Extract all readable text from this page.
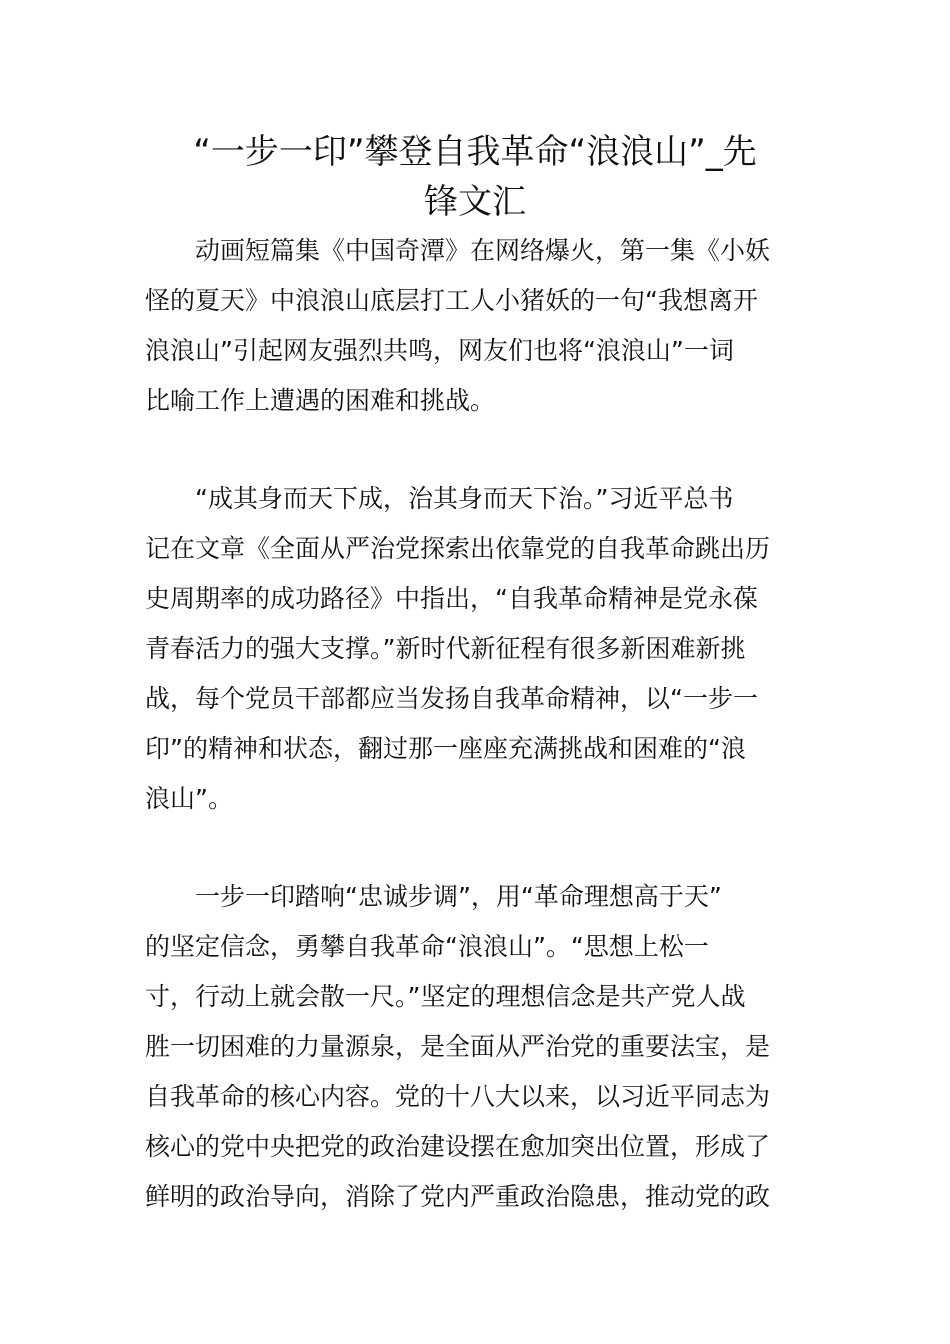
“一步一印”攀登自我革命“浪浪山”_先
锋文汇
动画短篇集《中国奇潭》在网络爆火，第一集《小妖
怪的夏天》中浪浪山底层打工人小猪妖的一句“我想离开
浪浪山”引起网友强烈共鸣，网友们也将“浪浪山”一词
比喻工作上遭遇的困难和挑战。
“成其身而天下成，治其身而天下治。”习近平总书
记在文章《全面从严治党探索出依靠党的自我革命跳出历
史周期率的成功路径》中指出，“自我革命精神是党永葆
青春活力的强大支撑。”新时代新征程有很多新困难新挑
战，每个党员干部都应当发扬自我革命精神，以“一步一
印”的精神和状态，翻过那一座座充满挑战和困难的“浪
浪山”。
一步一印踏响“忠诚步调”，用“革命理想高于天”
的坚定信念，勇攀自我革命“浪浪山”。“思想上松一
寸，行动上就会散一尺。”坚定的理想信念是共产党人战
胜一切困难的力量源泉，是全面从严治党的重要法宝，是
自我革命的核心内容。党的十八大以来，以习近平同志为
核心的党中央把党的政治建设摆在愈加突出位置，形成了
鲜明的政治导向，消除了党内严重政治隐患，推动党的政
